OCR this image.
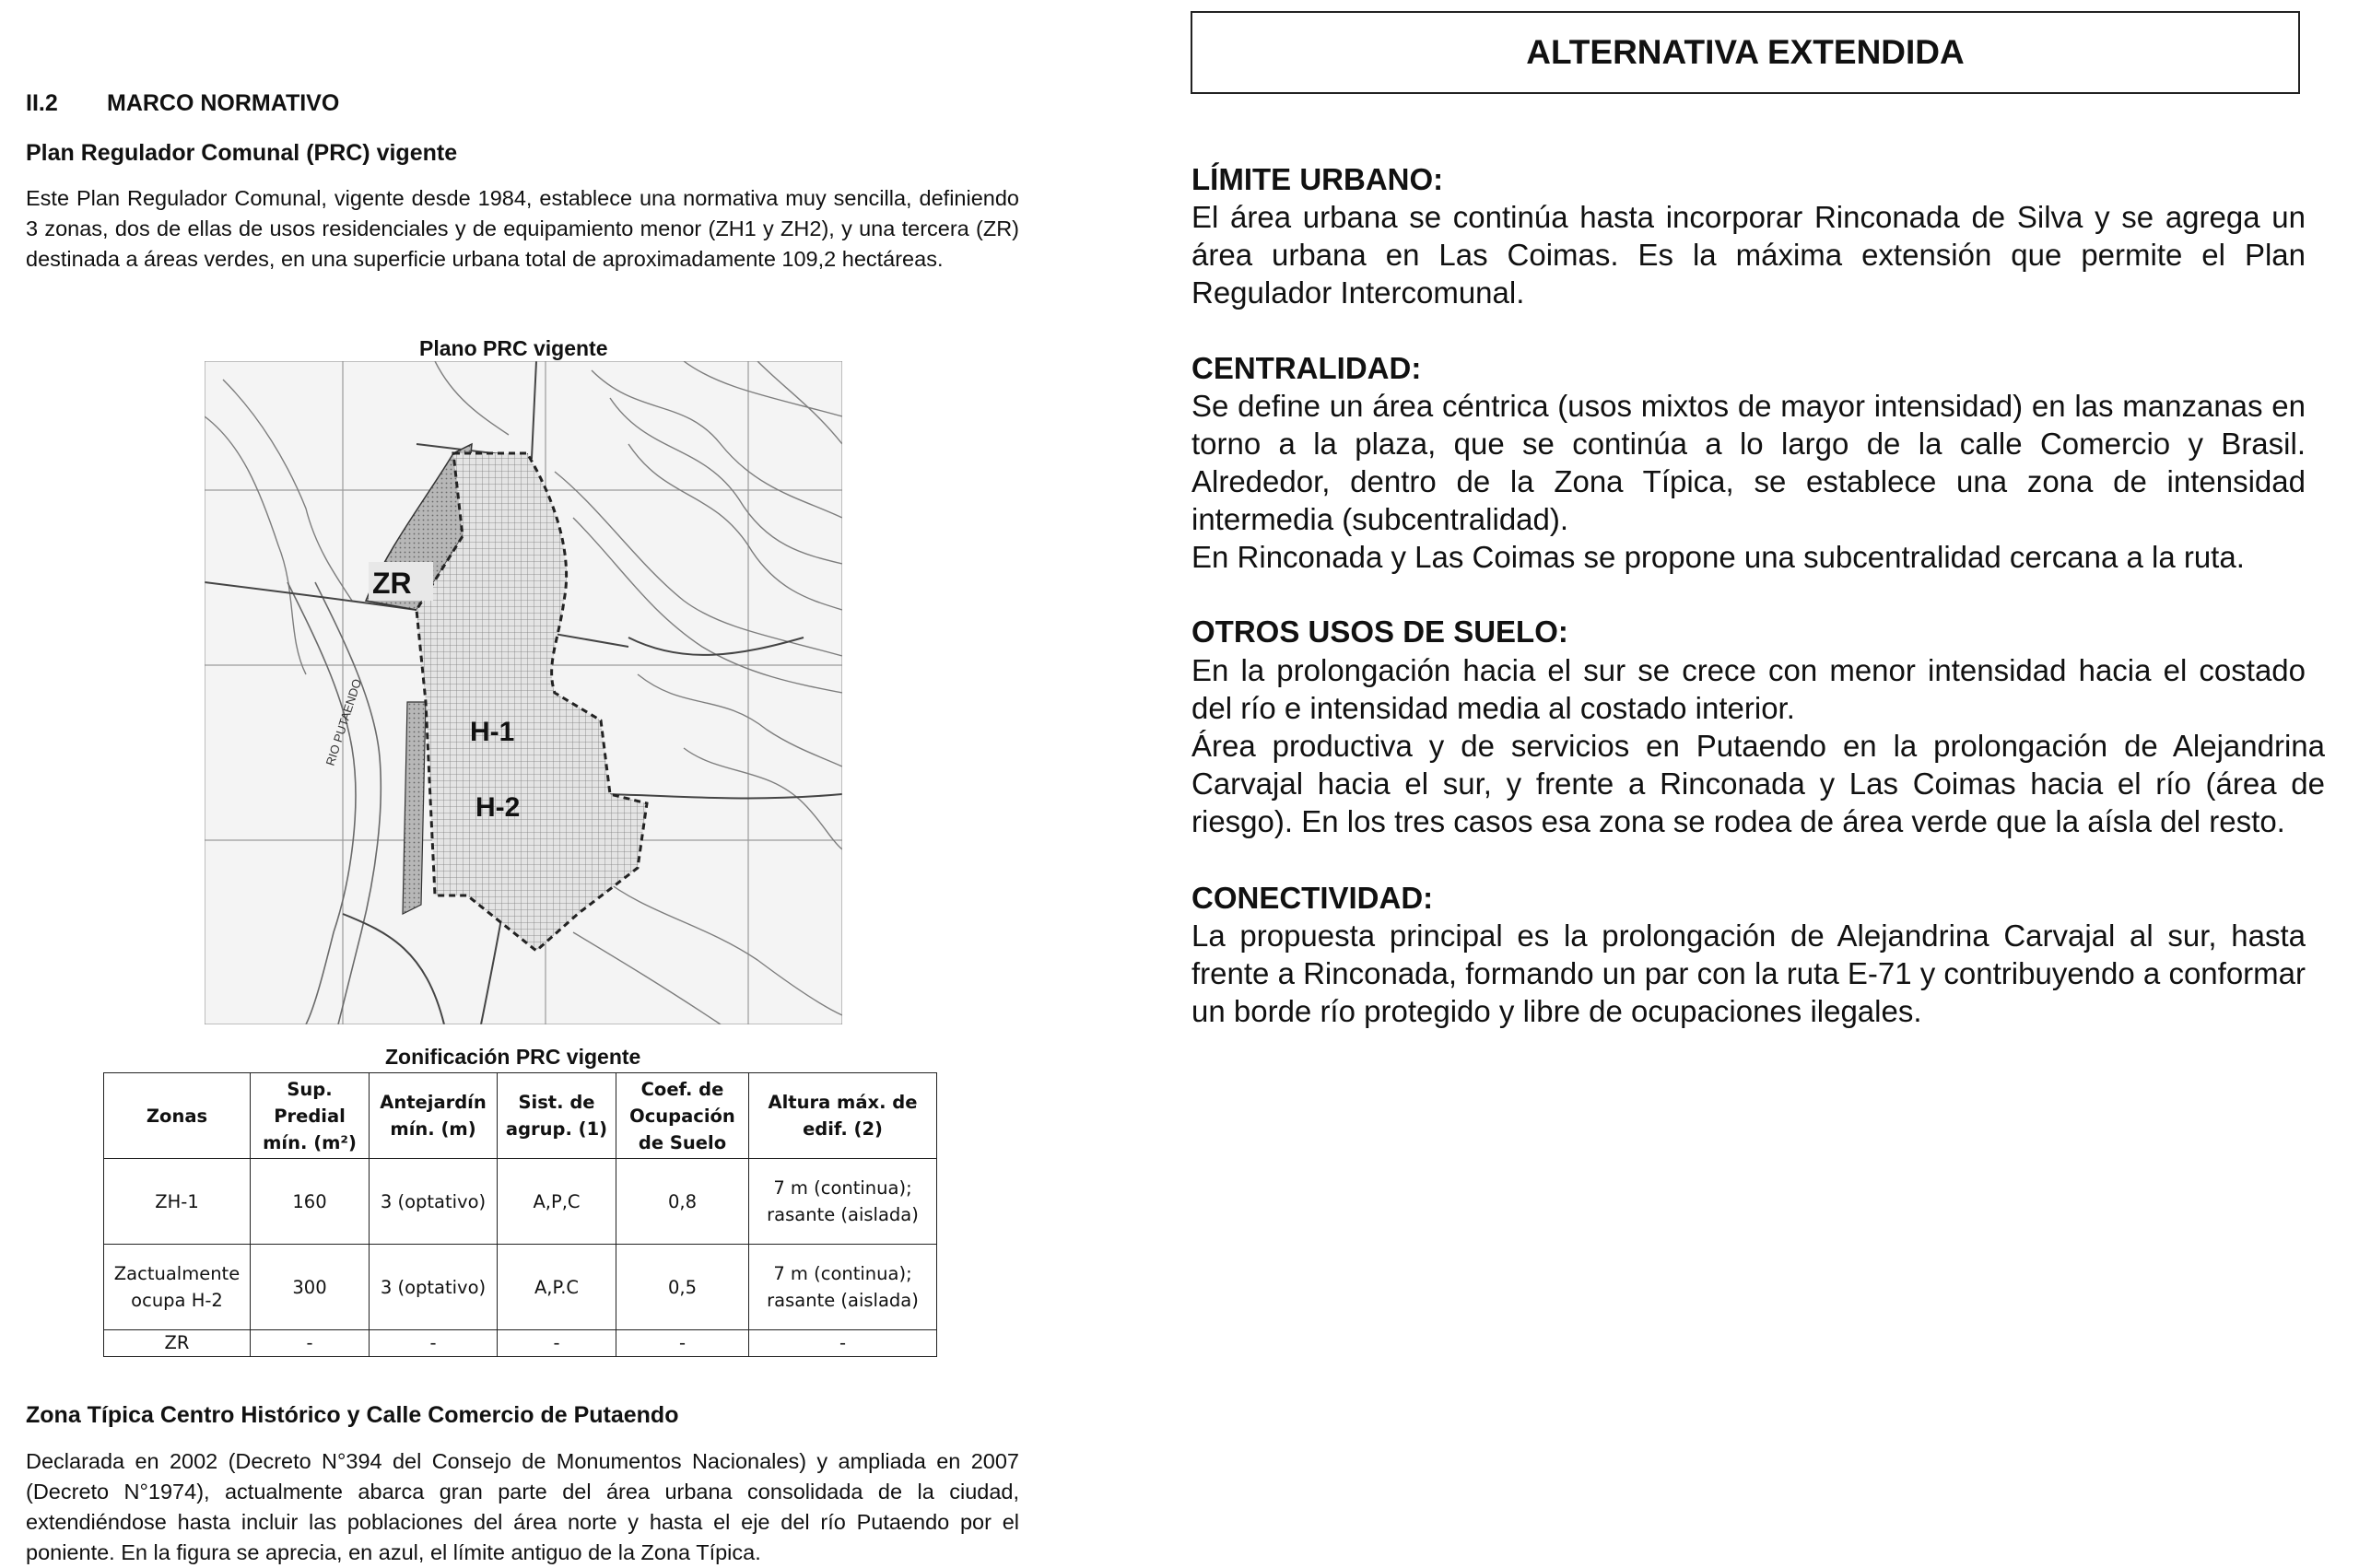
II.2 MARCO NORMATIVO
Plan Regulador Comunal (PRC) vigente
Este Plan Regulador Comunal, vigente desde 1984, establece una normativa muy sencilla, definiendo 3 zonas, dos de ellas de usos residenciales y de equipamiento menor (ZH1 y ZH2), y una tercera (ZR) destinada a áreas verdes, en una superficie urbana total de aproximadamente 109,2 hectáreas.
Plano PRC vigente
ZR
H-1
H-2
RIO PUTAENDO
Zonificación PRC vigente
Zonas	Sup. Predial mín. (m²)	Antejardín mín. (m)	Sist. de agrup. (1)	Coef. de Ocupación de Suelo	Altura máx. de edif. (2)
ZH-1	160	3 (optativo)	A,P,C	0,8	7 m (continua); rasante (aislada)
Zactualmente ocupa H-2	300	3 (optativo)	A,P.C	0,5	7 m (continua); rasante (aislada)
ZR	-	-	-	-	-
Zona Típica Centro Histórico y Calle Comercio de Putaendo
Declarada en 2002 (Decreto N°394 del Consejo de Monumentos Nacionales) y ampliada en 2007 (Decreto N°1974), actualmente abarca gran parte del área urbana consolidada de la ciudad, extendiéndose hasta incluir las poblaciones del área norte y hasta el eje del río Putaendo por el poniente. En la figura se aprecia, en azul, el límite antiguo de la Zona Típica.
ALTERNATIVA EXTENDIDA
LÍMITE URBANO:
El área urbana se continúa hasta incorporar Rinconada de Silva y se agrega un área urbana en Las Coimas. Es la máxima extensión que permite el Plan Regulador Intercomunal.
CENTRALIDAD:
Se define un área céntrica (usos mixtos de mayor intensidad) en las manzanas en torno a la plaza, que se continúa a lo largo de la calle Comercio y Brasil. Alrededor, dentro de la Zona Típica, se establece una zona de intensidad intermedia (subcentralidad).
En Rinconada y Las Coimas se propone una subcentralidad cercana a la ruta.
OTROS USOS DE SUELO:
En la prolongación hacia el sur se crece con menor intensidad hacia el costado del río e intensidad media al costado interior.
Área productiva y de servicios en Putaendo en la prolongación de Alejandrina Carvajal hacia el sur, y frente a Rinconada y Las Coimas hacia el río (área de riesgo). En los tres casos esa zona se rodea de área verde que la aísla del resto.
CONECTIVIDAD:
La propuesta principal es la prolongación de Alejandrina Carvajal al sur, hasta frente a Rinconada, formando un par con la ruta E-71 y contribuyendo a conformar un borde río protegido y libre de ocupaciones ilegales.
